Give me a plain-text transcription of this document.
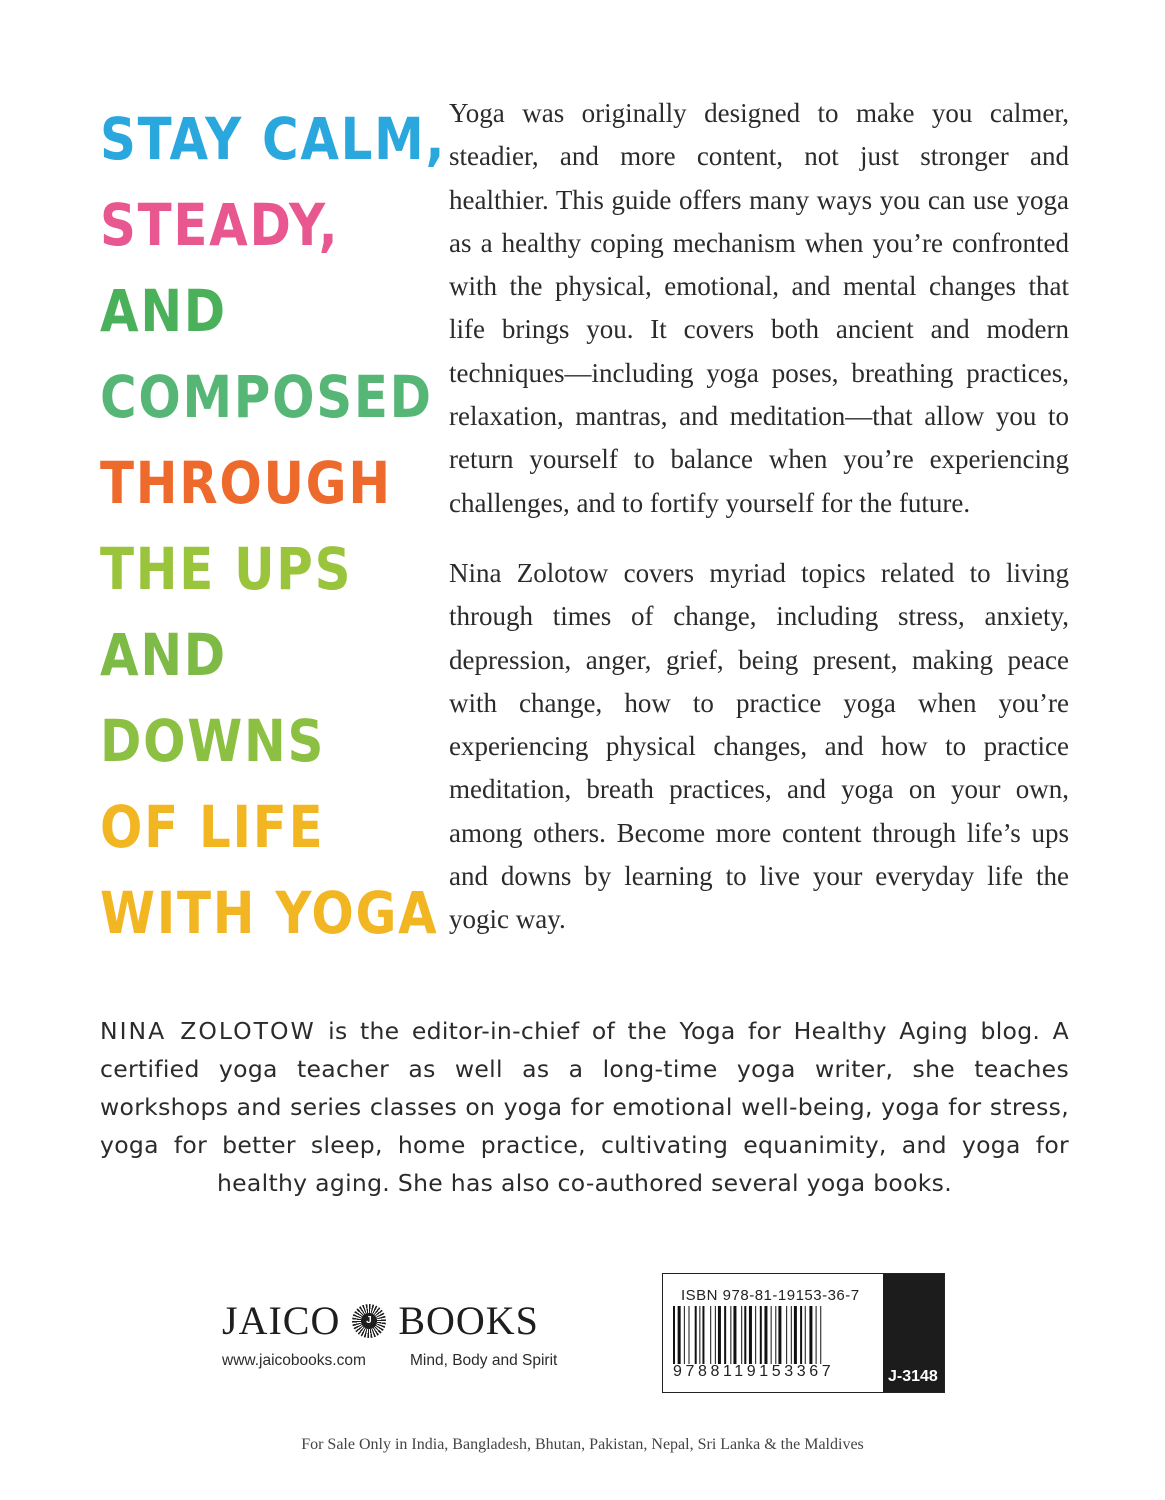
STAY CALM,
STEADY,
AND
COMPOSED
THROUGH
THE UPS
AND
DOWNS
OF LIFE
WITH YOGA

Yoga was originally designed to make you calmer, steadier, and more content, not just stronger and healthier. This guide offers many ways you can use yoga as a healthy coping mechanism when you’re confronted with the physical, emotional, and mental changes that life brings you. It covers both ancient and modern techniques—including yoga poses, breathing practices, relaxation, mantras, and meditation—that allow you to return yourself to balance when you’re experiencing challenges, and to fortify yourself for the future.

Nina Zolotow covers myriad topics related to living through times of change, including stress, anxiety, depression, anger, grief, being present, making peace with change, how to practice yoga when you’re experiencing physical changes, and how to practice meditation, breath practices, and yoga on your own, among others. Become more content through life’s ups and downs by learning to live your everyday life the yogic way.

NINA ZOLOTOW is the editor-in-chief of the Yoga for Healthy Aging blog. A certified yoga teacher as well as a long-time yoga writer, she teaches workshops and series classes on yoga for emotional well-being, yoga for stress, yoga for better sleep, home practice, cultivating equanimity, and yoga for healthy aging. She has also co-authored several yoga books.
JAICO	J BOOKS
www.jaicobooks.com	Mind, Body and Spirit
ISBN 978-81-19153-36-7
9788119153367	J-3148
For Sale Only in India, Bangladesh, Bhutan, Pakistan, Nepal, Sri Lanka & the Maldives
